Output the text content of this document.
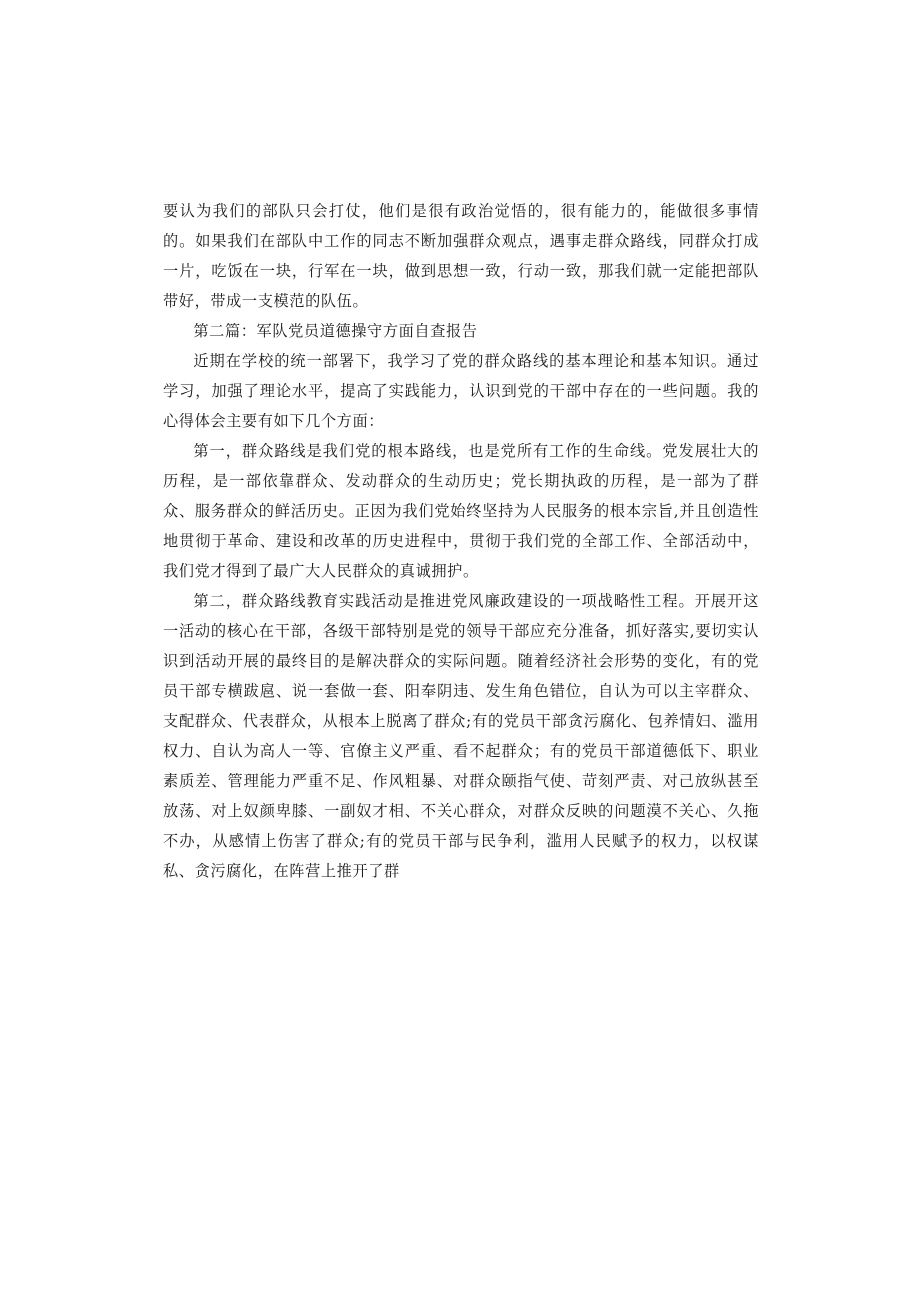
要认为我们的部队只会打仗，他们是很有政治觉悟的，很有能力的，能做很多事情的。如果我们在部队中工作的同志不断加强群众观点，遇事走群众路线，同群众打成一片，吃饭在一块，行军在一块，做到思想一致，行动一致，那我们就一定能把部队带好，带成一支模范的队伍。

第二篇：军队党员道德操守方面自查报告

近期在学校的统一部署下，我学习了党的群众路线的基本理论和基本知识。通过学习，加强了理论水平，提高了实践能力，认识到党的干部中存在的一些问题。我的心得体会主要有如下几个方面：

第一，群众路线是我们党的根本路线，也是党所有工作的生命线。党发展壮大的历程，是一部依靠群众、发动群众的生动历史；党长期执政的历程，是一部为了群众、服务群众的鲜活历史。正因为我们党始终坚持为人民服务的根本宗旨,并且创造性地贯彻于革命、建设和改革的历史进程中，贯彻于我们党的全部工作、全部活动中，我们党才得到了最广大人民群众的真诚拥护。

第二，群众路线教育实践活动是推进党风廉政建设的一项战略性工程。开展开这一活动的核心在干部，各级干部特别是党的领导干部应充分准备，抓好落实,要切实认识到活动开展的最终目的是解决群众的实际问题。随着经济社会形势的变化，有的党员干部专横跋扈、说一套做一套、阳奉阴违、发生角色错位，自认为可以主宰群众、支配群众、代表群众，从根本上脱离了群众;有的党员干部贪污腐化、包养情妇、滥用权力、自认为高人一等、官僚主义严重、看不起群众；有的党员干部道德低下、职业素质差、管理能力严重不足、作风粗暴、对群众颐指气使、苛刻严责、对己放纵甚至放荡、对上奴颜卑膝、一副奴才相、不关心群众，对群众反映的问题漠不关心、久拖不办，从感情上伤害了群众;有的党员干部与民争利，滥用人民赋予的权力，以权谋私、贪污腐化，在阵营上推开了群
